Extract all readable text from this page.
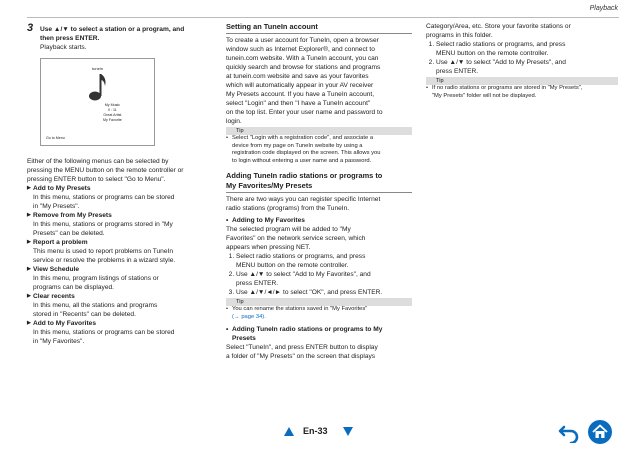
Playback
3 Use ▲/▼ to select a station or a program, and
then press ENTER.
Playback starts.
tunein
My Music
0 : 11
Great Artist
My Favorite
Go to Menu
Either of the following menus can be selected by
pressing the MENU button on the remote controller or
pressing ENTER button to select "Go to Menu".
▶ Add to My Presets
In this menu, stations or programs can be stored
in "My Presets".
▶ Remove from My Presets
In this menu, stations or programs stored in "My
Presets" can be deleted.
▶ Report a problem
This menu is used to report problems on TuneIn
service or resolve the problems in a wizard style.
▶ View Schedule
In this menu, program listings of stations or
programs can be displayed.
▶ Clear recents
In this menu, all the stations and programs
stored in "Recents" can be deleted.
▶ Add to My Favorites
In this menu, stations or programs can be stored
in "My Favorites".
Setting an TuneIn account
To create a user account for TuneIn, open a browser
window such as Internet Explorer®, and connect to
tunein.com website. With a TuneIn account, you can
quickly search and browse for stations and programs
at tunein.com website and save as your favorites
which will automatically appear in your AV receiver
My Presets account. If you have a TuneIn account,
select "Login" and then "I have a TuneIn account"
on the top list. Enter your user name and password to
login.
Tip
• Select "Login with a registration code", and associate a
device from my page on TuneIn website by using a
registration code displayed on the screen. This allows you
to login without entering a user name and a password.
Adding TuneIn radio stations or programs to
My Favorites/My Presets
There are two ways you can register specific Internet
radio stations (programs) from the TuneIn.
• Adding to My Favorites
The selected program will be added to "My
Favorites" on the network service screen, which
appears when pressing NET.
1. Select radio stations or programs, and press
MENU button on the remote controller.
2. Use ▲/▼ to select "Add to My Favorites", and
press ENTER.
3. Use ▲/▼/◄/► to select "OK", and press ENTER.
Tip
• You can rename the stations saved in "My Favorites"
(→ page 34).
• Adding TuneIn radio stations or programs to My
Presets
Select "TuneIn", and press ENTER button to display
a folder of "My Presets" on the screen that displays
Category/Area, etc. Store your favorite stations or
programs in this folder.
1. Select radio stations or programs, and press
MENU button on the remote controller.
2. Use ▲/▼ to select "Add to My Presets", and
press ENTER.
Tip
• If no radio stations or programs are stored in "My Presets",
"My Presets" folder will not be displayed.
En-33
